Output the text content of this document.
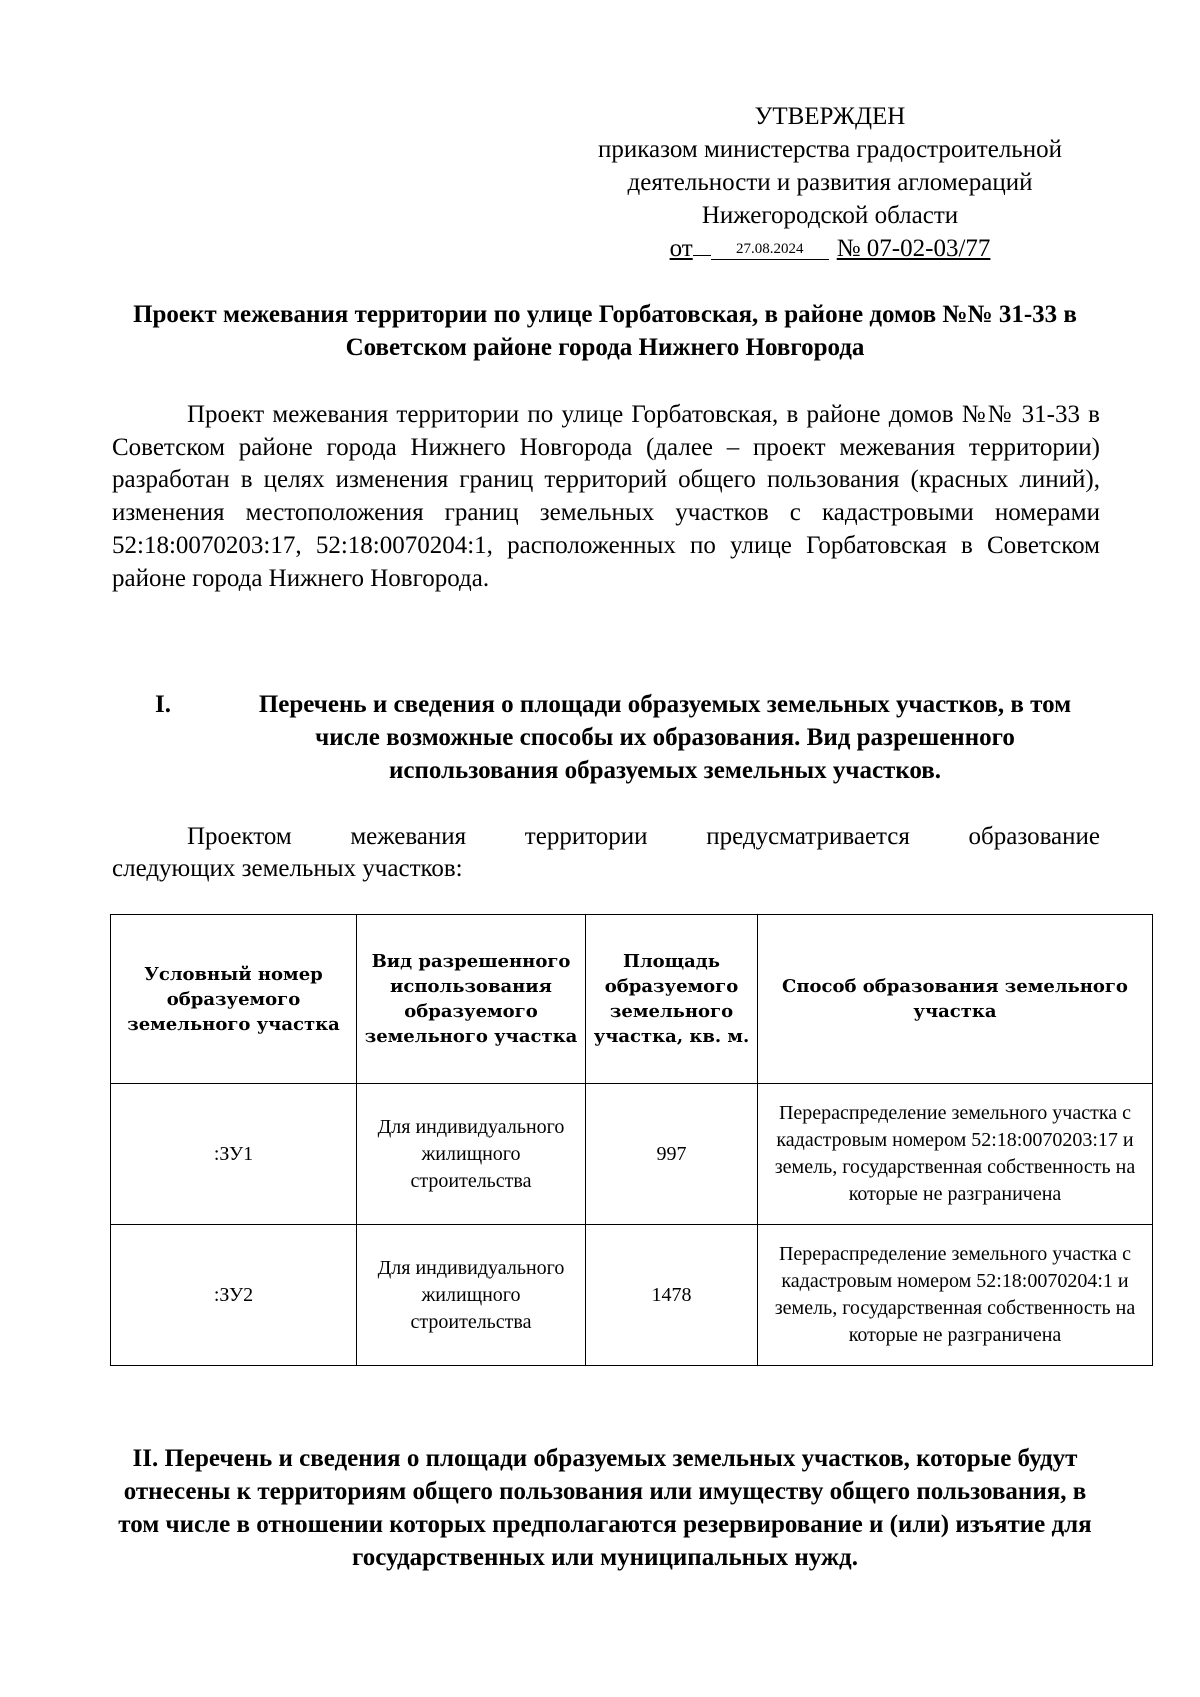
УТВЕРЖДЕН
приказом министерства градостроительной
деятельности и развития агломераций
Нижегородской области
от	27.08.2024 № 07-02-03/77
Проект межевания территории по улице Горбатовская, в районе домов №№ 31-33 в Советском районе города Нижнего Новгорода
Проект межевания территории по улице Горбатовская, в районе домов №№ 31-33 в Советском районе города Нижнего Новгорода (далее – проект межевания территории) разработан в целях изменения границ территорий общего пользования (красных линий), изменения местоположения границ земельных участков с кадастровыми номерами 52:18:0070203:17, 52:18:0070204:1, расположенных по улице Горбатовская в Советском районе города Нижнего Новгорода.
I.	Перечень и сведения о площади образуемых земельных участков, в том числе возможные способы их образования. Вид разрешенного использования образуемых земельных участков.
Проектом межевания территории предусматривается образование
следующих земельных участков:
Условный номер образуемого земельного участка	Вид разрешенного использования образуемого земельного участка	Площадь образуемого земельного участка, кв. м.	Способ образования земельного участка
:ЗУ1	Для индивидуального жилищного строительства	997	Перераспределение земельного участка с кадастровым номером 52:18:0070203:17 и земель, государственная собственность на которые не разграничена
:ЗУ2	Для индивидуального жилищного строительства	1478	Перераспределение земельного участка с кадастровым номером 52:18:0070204:1 и земель, государственная собственность на которые не разграничена
II. Перечень и сведения о площади образуемых земельных участков, которые будут отнесены к территориям общего пользования или имуществу общего пользования, в том числе в отношении которых предполагаются резервирование и (или) изъятие для государственных или муниципальных нужд.
